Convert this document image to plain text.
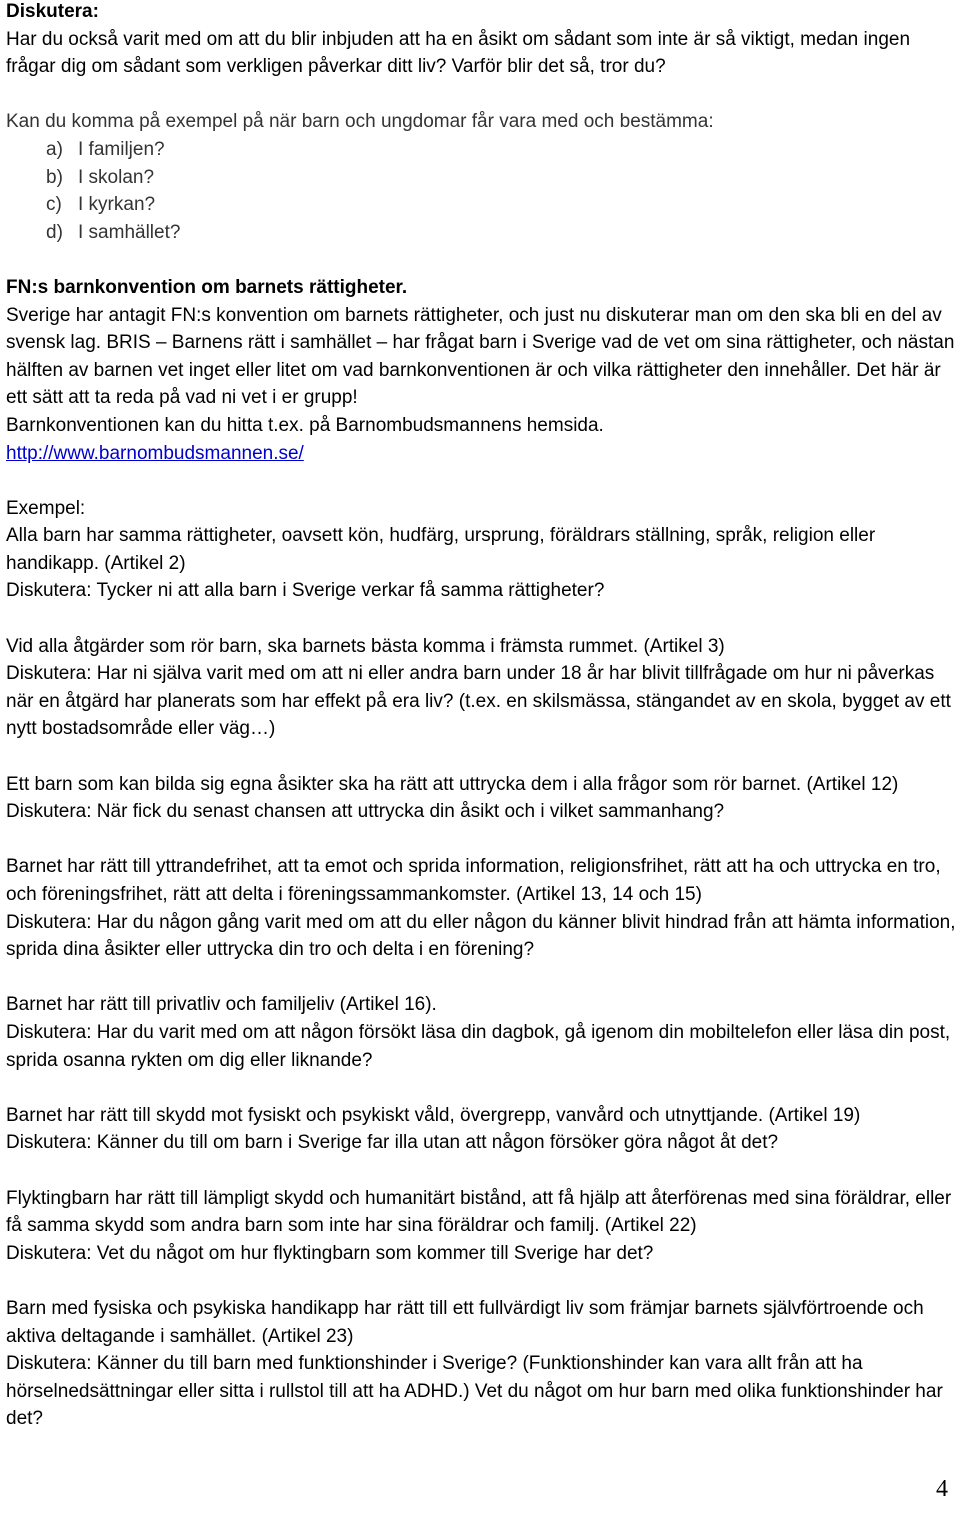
Diskutera:

Har du också varit med om att du blir inbjuden att ha en åsikt om sådant som inte är så viktigt, medan ingen frågar dig om sådant som verkligen påverkar ditt liv? Varför blir det så, tror du?

Kan du komma på exempel på när barn och ungdomar får vara med och bestämma:

a) I familjen?
b) I skolan?
c) I kyrkan?
d) I samhället?

FN:s barnkonvention om barnets rättigheter.

Sverige har antagit FN:s konvention om barnets rättigheter, och just nu diskuterar man om den ska bli en del av svensk lag. BRIS – Barnens rätt i samhället – har frågat barn i Sverige vad de vet om sina rättigheter, och nästan hälften av barnen vet inget eller litet om vad barnkonventionen är och vilka rättigheter den innehåller. Det här är ett sätt att ta reda på vad ni vet i er grupp!

Barnkonventionen kan du hitta t.ex. på Barnombudsmannens hemsida.

http://www.barnombudsmannen.se/

Exempel:

Alla barn har samma rättigheter, oavsett kön, hudfärg, ursprung, föräldrars ställning, språk, religion eller handikapp. (Artikel 2)

Diskutera: Tycker ni att alla barn i Sverige verkar få samma rättigheter?

Vid alla åtgärder som rör barn, ska barnets bästa komma i främsta rummet. (Artikel 3)

Diskutera: Har ni själva varit med om att ni eller andra barn under 18 år har blivit tillfrågade om hur ni påverkas när en åtgärd har planerats som har effekt på era liv? (t.ex. en skilsmässa, stängandet av en skola, bygget av ett nytt bostadsområde eller väg…)

Ett barn som kan bilda sig egna åsikter ska ha rätt att uttrycka dem i alla frågor som rör barnet. (Artikel 12)

Diskutera: När fick du senast chansen att uttrycka din åsikt och i vilket sammanhang?

Barnet har rätt till yttrandefrihet, att ta emot och sprida information, religionsfrihet, rätt att ha och uttrycka en tro, och föreningsfrihet, rätt att delta i föreningssammankomster. (Artikel 13, 14 och 15)

Diskutera: Har du någon gång varit med om att du eller någon du känner blivit hindrad från att hämta information, sprida dina åsikter eller uttrycka din tro och delta i en förening?

Barnet har rätt till privatliv och familjeliv (Artikel 16).

Diskutera: Har du varit med om att någon försökt läsa din dagbok, gå igenom din mobiltelefon eller läsa din post, sprida osanna rykten om dig eller liknande?

Barnet har rätt till skydd mot fysiskt och psykiskt våld, övergrepp, vanvård och utnyttjande. (Artikel 19)

Diskutera: Känner du till om barn i Sverige far illa utan att någon försöker göra något åt det?

Flyktingbarn har rätt till lämpligt skydd och humanitärt bistånd, att få hjälp att återförenas med sina föräldrar, eller få samma skydd som andra barn som inte har sina föräldrar och familj. (Artikel 22)

Diskutera: Vet du något om hur flyktingbarn som kommer till Sverige har det?

Barn med fysiska och psykiska handikapp har rätt till ett fullvärdigt liv som främjar barnets självförtroende och aktiva deltagande i samhället. (Artikel 23)

Diskutera: Känner du till barn med funktionshinder i Sverige? (Funktionshinder kan vara allt från att ha hörselnedsättningar eller sitta i rullstol till att ha ADHD.) Vet du något om hur barn med olika funktionshinder har det?

4
